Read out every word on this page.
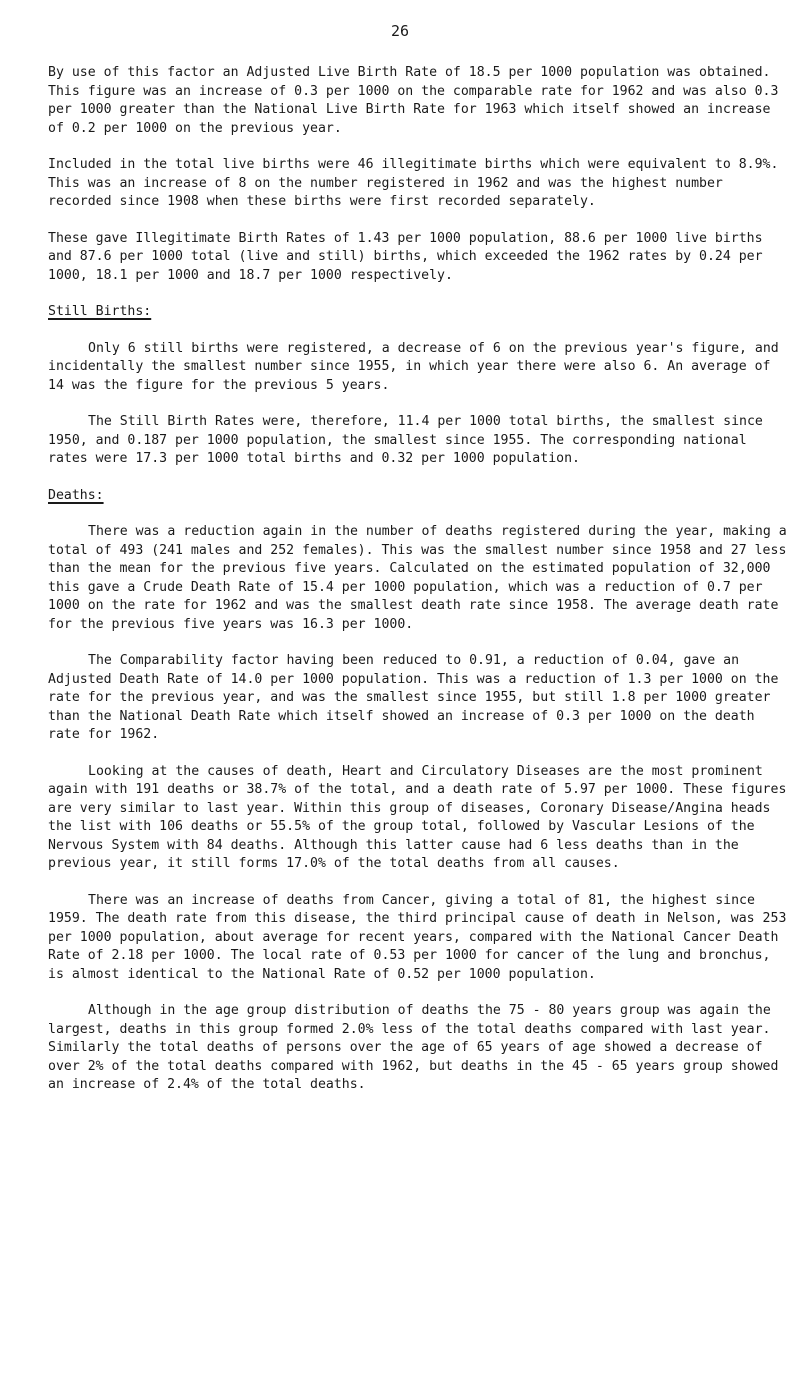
26

By use of this factor an Adjusted Live Birth Rate of 18.5 per 1000 population was obtained. This figure was an increase of 0.3 per 1000 on the comparable rate for 1962 and was also 0.3 per 1000 greater than the National Live Birth Rate for 1963 which itself showed an increase of 0.2 per 1000 on the previous year.

Included in the total live births were 46 illegitimate births which were equivalent to 8.9%. This was an increase of 8 on the number registered in 1962 and was the highest number recorded since 1908 when these births were first recorded separately.

These gave Illegitimate Birth Rates of 1.43 per 1000 population, 88.6 per 1000 live births and 87.6 per 1000 total (live and still) births, which exceeded the 1962 rates by 0.24 per 1000, 18.1 per 1000 and 18.7 per 1000 respectively.

Still Births:

Only 6 still births were registered, a decrease of 6 on the previous year's figure, and incidentally the smallest number since 1955, in which year there were also 6. An average of 14 was the figure for the previous 5 years.

The Still Birth Rates were, therefore, 11.4 per 1000 total births, the smallest since 1950, and 0.187 per 1000 population, the smallest since 1955. The corresponding national rates were 17.3 per 1000 total births and 0.32 per 1000 population.

Deaths:

There was a reduction again in the number of deaths registered during the year, making a total of 493 (241 males and 252 females). This was the smallest number since 1958 and 27 less than the mean for the previous five years. Calculated on the estimated population of 32,000 this gave a Crude Death Rate of 15.4 per 1000 population, which was a reduction of 0.7 per 1000 on the rate for 1962 and was the smallest death rate since 1958. The average death rate for the previous five years was 16.3 per 1000.

The Comparability factor having been reduced to 0.91, a reduction of 0.04, gave an Adjusted Death Rate of 14.0 per 1000 population. This was a reduction of 1.3 per 1000 on the rate for the previous year, and was the smallest since 1955, but still 1.8 per 1000 greater than the National Death Rate which itself showed an increase of 0.3 per 1000 on the death rate for 1962.

Looking at the causes of death, Heart and Circulatory Diseases are the most prominent again with 191 deaths or 38.7% of the total, and a death rate of 5.97 per 1000. These figures are very similar to last year. Within this group of diseases, Coronary Disease/Angina heads the list with 106 deaths or 55.5% of the group total, followed by Vascular Lesions of the Nervous System with 84 deaths. Although this latter cause had 6 less deaths than in the previous year, it still forms 17.0% of the total deaths from all causes.

There was an increase of deaths from Cancer, giving a total of 81, the highest since 1959. The death rate from this disease, the third principal cause of death in Nelson, was 253 per 1000 population, about average for recent years, compared with the National Cancer Death Rate of 2.18 per 1000. The local rate of 0.53 per 1000 for cancer of the lung and bronchus, is almost identical to the National Rate of 0.52 per 1000 population.

Although in the age group distribution of deaths the 75 - 80 years group was again the largest, deaths in this group formed 2.0% less of the total deaths compared with last year. Similarly the total deaths of persons over the age of 65 years of age showed a decrease of over 2% of the total deaths compared with 1962, but deaths in the 45 - 65 years group showed an increase of 2.4% of the total deaths.
